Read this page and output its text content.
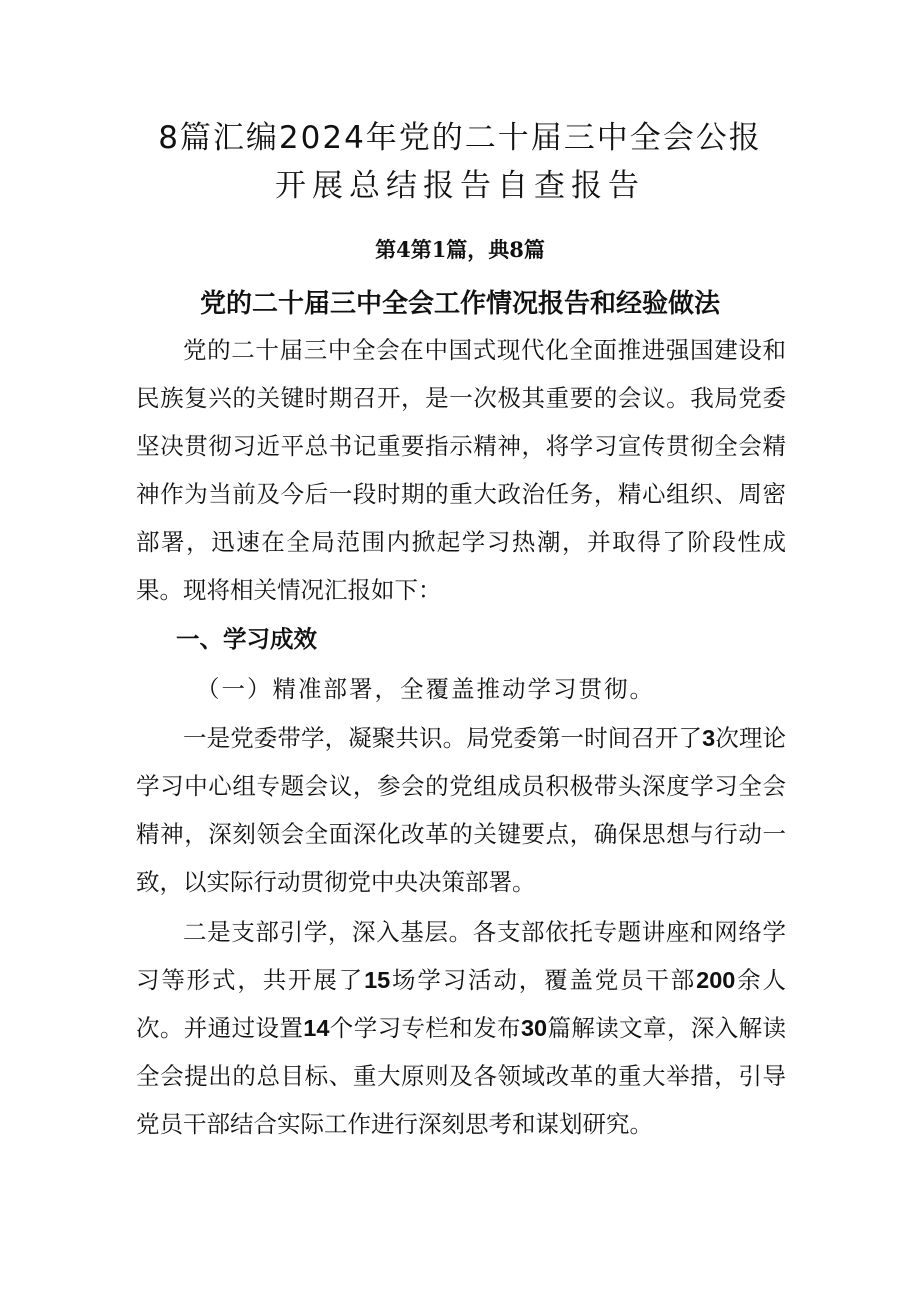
8篇汇编2024年党的二十届三中全会公报
开展总结报告自查报告
第4第1篇，典8篇
党的二十届三中全会工作情况报告和经验做法

党的二十届三中全会在中国式现代化全面推进强国建设和民族复兴的关键时期召开，是一次极其重要的会议。我局党委坚决贯彻习近平总书记重要指示精神，将学习宣传贯彻全会精神作为当前及今后一段时期的重大政治任务，精心组织、周密部署，迅速在全局范围内掀起学习热潮，并取得了阶段性成果。现将相关情况汇报如下：

一、学习成效
（一）精准部署，全覆盖推动学习贯彻。

一是党委带学，凝聚共识。局党委第一时间召开了3次理论学习中心组专题会议，参会的党组成员积极带头深度学习全会精神，深刻领会全面深化改革的关键要点，确保思想与行动一致，以实际行动贯彻党中央决策部署。

二是支部引学，深入基层。各支部依托专题讲座和网络学习等形式，共开展了15场学习活动，覆盖党员干部200余人次。并通过设置14个学习专栏和发布30篇解读文章，深入解读全会提出的总目标、重大原则及各领域改革的重大举措，引导党员干部结合实际工作进行深刻思考和谋划研究。
